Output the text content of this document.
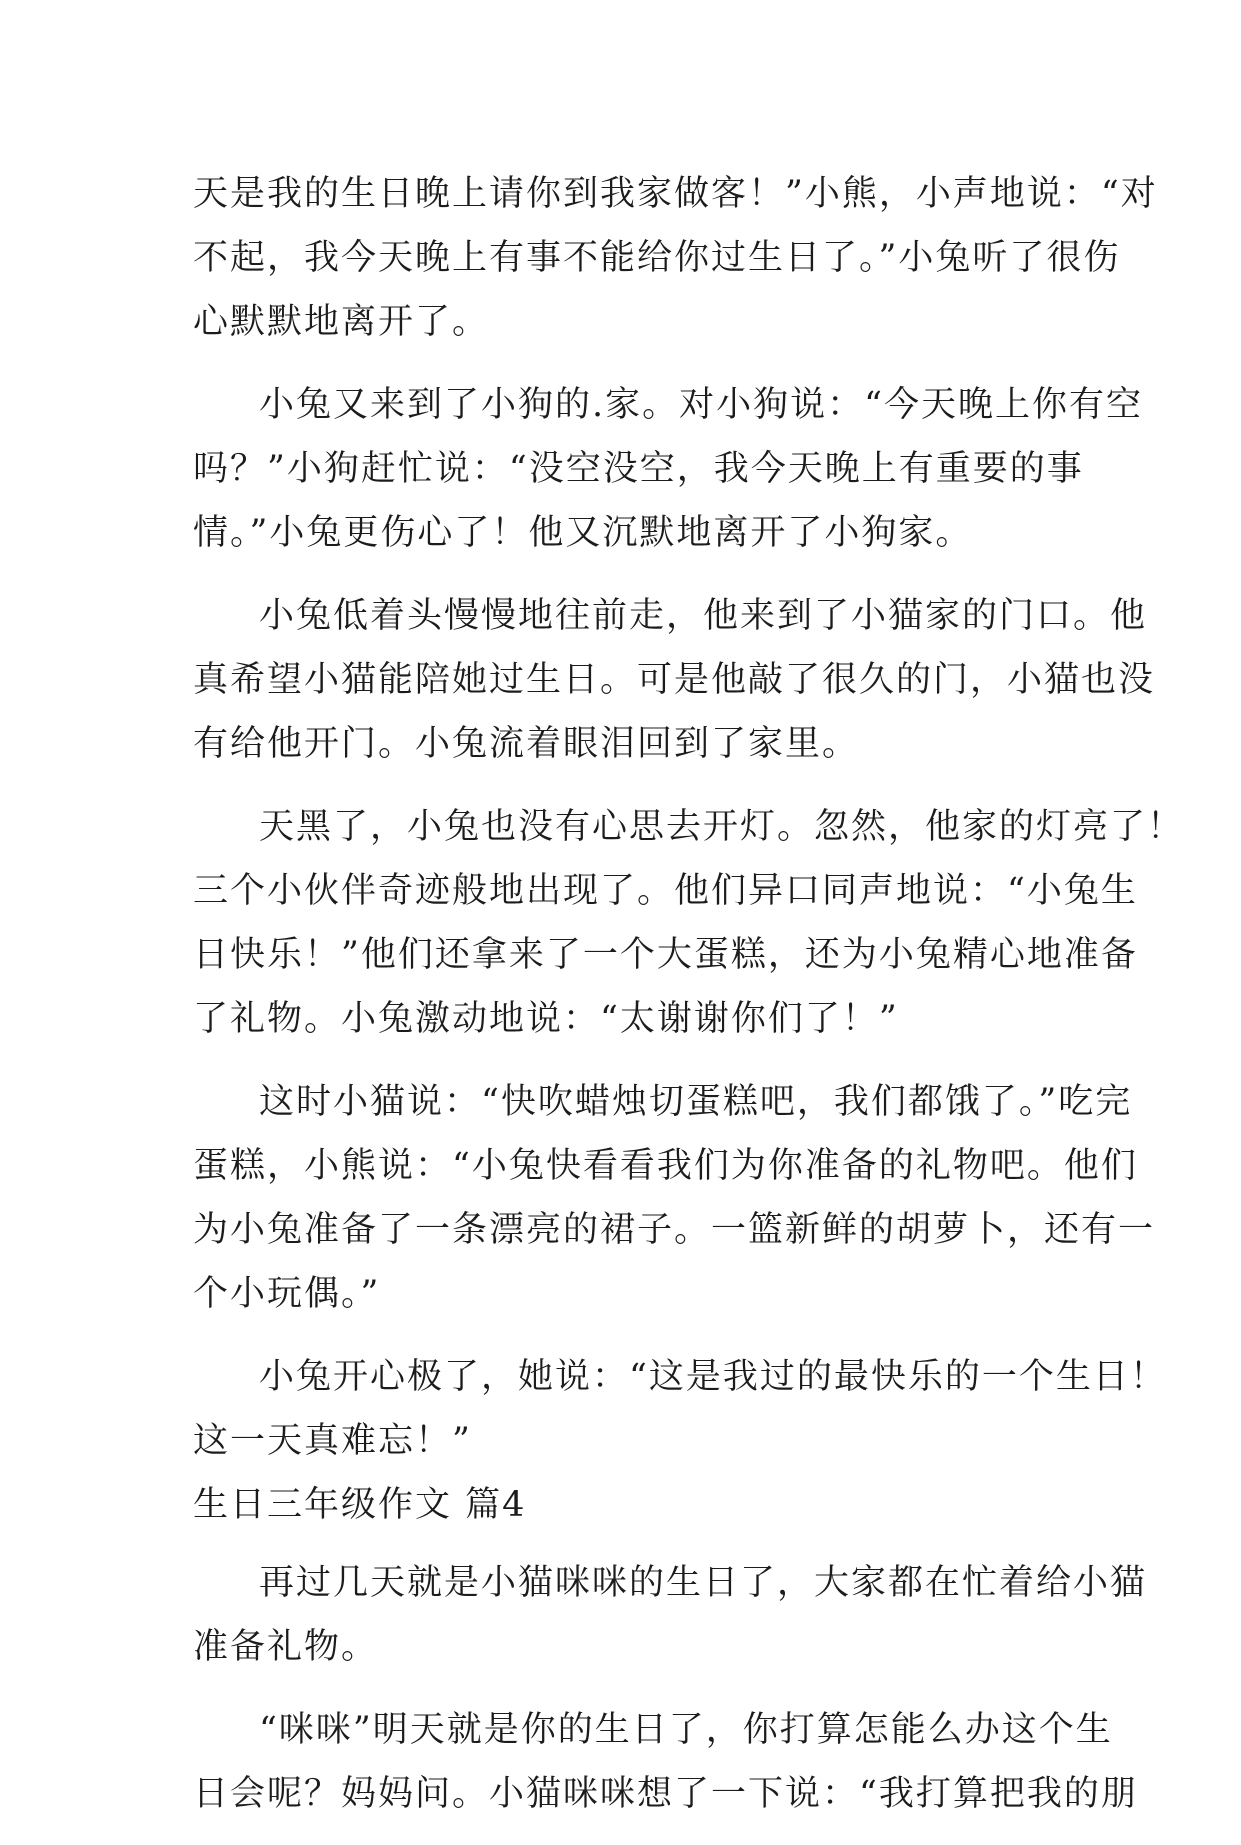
天是我的生日晚上请你到我家做客！”小熊，小声地说：“对
不起，我今天晚上有事不能给你过生日了。”小兔听了很伤
心默默地离开了。
小兔又来到了小狗的.家。对小狗说：“今天晚上你有空
吗？”小狗赶忙说：“没空没空，我今天晚上有重要的事
情。”小兔更伤心了！他又沉默地离开了小狗家。
小兔低着头慢慢地往前走，他来到了小猫家的门口。他
真希望小猫能陪她过生日。可是他敲了很久的门，小猫也没
有给他开门。小兔流着眼泪回到了家里。
天黑了，小兔也没有心思去开灯。忽然，他家的灯亮了！
三个小伙伴奇迹般地出现了。他们异口同声地说：“小兔生
日快乐！”他们还拿来了一个大蛋糕，还为小兔精心地准备
了礼物。小兔激动地说：“太谢谢你们了！”
这时小猫说：“快吹蜡烛切蛋糕吧，我们都饿了。”吃完
蛋糕，小熊说：“小兔快看看我们为你准备的礼物吧。他们
为小兔准备了一条漂亮的裙子。一篮新鲜的胡萝卜，还有一
个小玩偶。”
小兔开心极了，她说：“这是我过的最快乐的一个生日！
这一天真难忘！”
生日三年级作文 篇4
再过几天就是小猫咪咪的生日了，大家都在忙着给小猫
准备礼物。
“咪咪”明天就是你的生日了，你打算怎能么办这个生
日会呢？妈妈问。小猫咪咪想了一下说：“我打算把我的朋
